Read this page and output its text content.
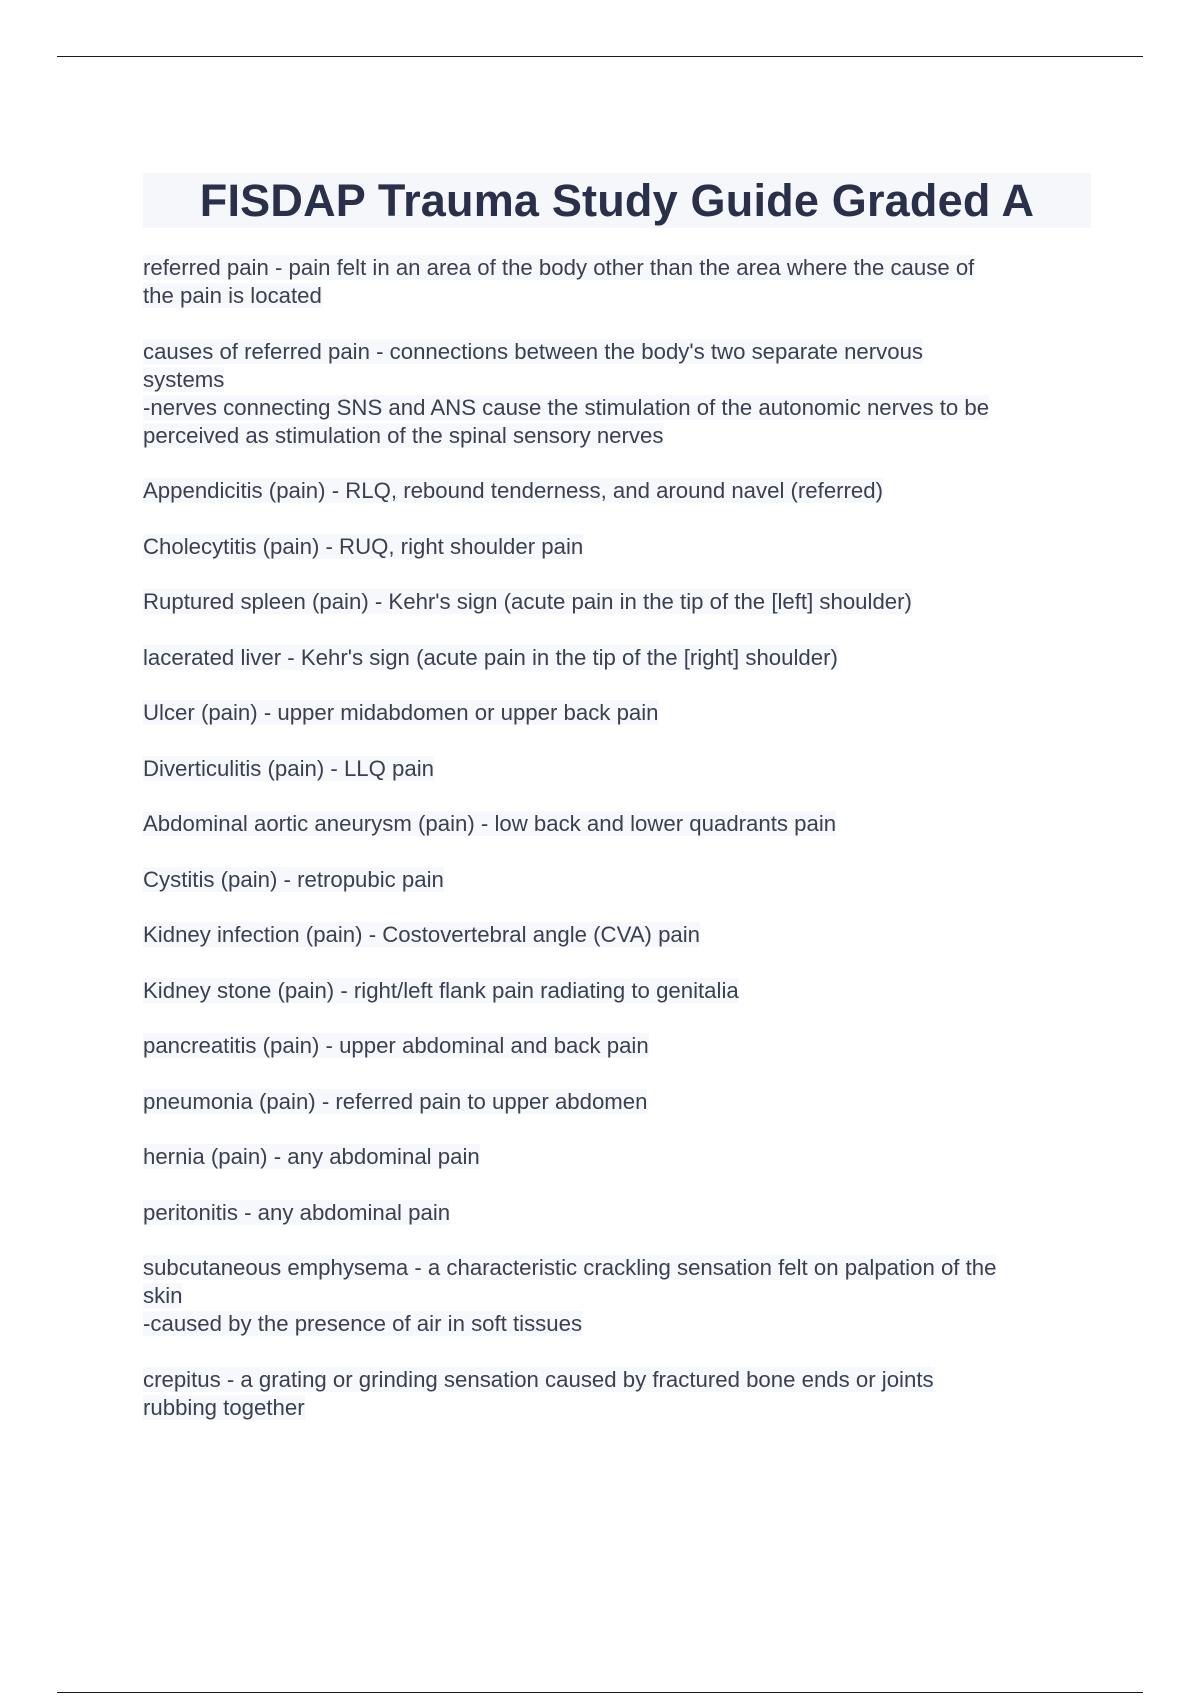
FISDAP Trauma Study Guide Graded A

referred pain - pain felt in an area of the body other than the area where the cause of
the pain is located

causes of referred pain - connections between the body's two separate nervous
systems
-nerves connecting SNS and ANS cause the stimulation of the autonomic nerves to be
perceived as stimulation of the spinal sensory nerves

Appendicitis (pain) - RLQ, rebound tenderness, and around navel (referred)

Cholecytitis (pain) - RUQ, right shoulder pain

Ruptured spleen (pain) - Kehr's sign (acute pain in the tip of the [left] shoulder)

lacerated liver - Kehr's sign (acute pain in the tip of the [right] shoulder)

Ulcer (pain) - upper midabdomen or upper back pain

Diverticulitis (pain) - LLQ pain

Abdominal aortic aneurysm (pain) - low back and lower quadrants pain

Cystitis (pain) - retropubic pain

Kidney infection (pain) - Costovertebral angle (CVA) pain

Kidney stone (pain) - right/left flank pain radiating to genitalia

pancreatitis (pain) - upper abdominal and back pain

pneumonia (pain) - referred pain to upper abdomen

hernia (pain) - any abdominal pain

peritonitis - any abdominal pain

subcutaneous emphysema - a characteristic crackling sensation felt on palpation of the
skin
-caused by the presence of air in soft tissues

crepitus - a grating or grinding sensation caused by fractured bone ends or joints
rubbing together
